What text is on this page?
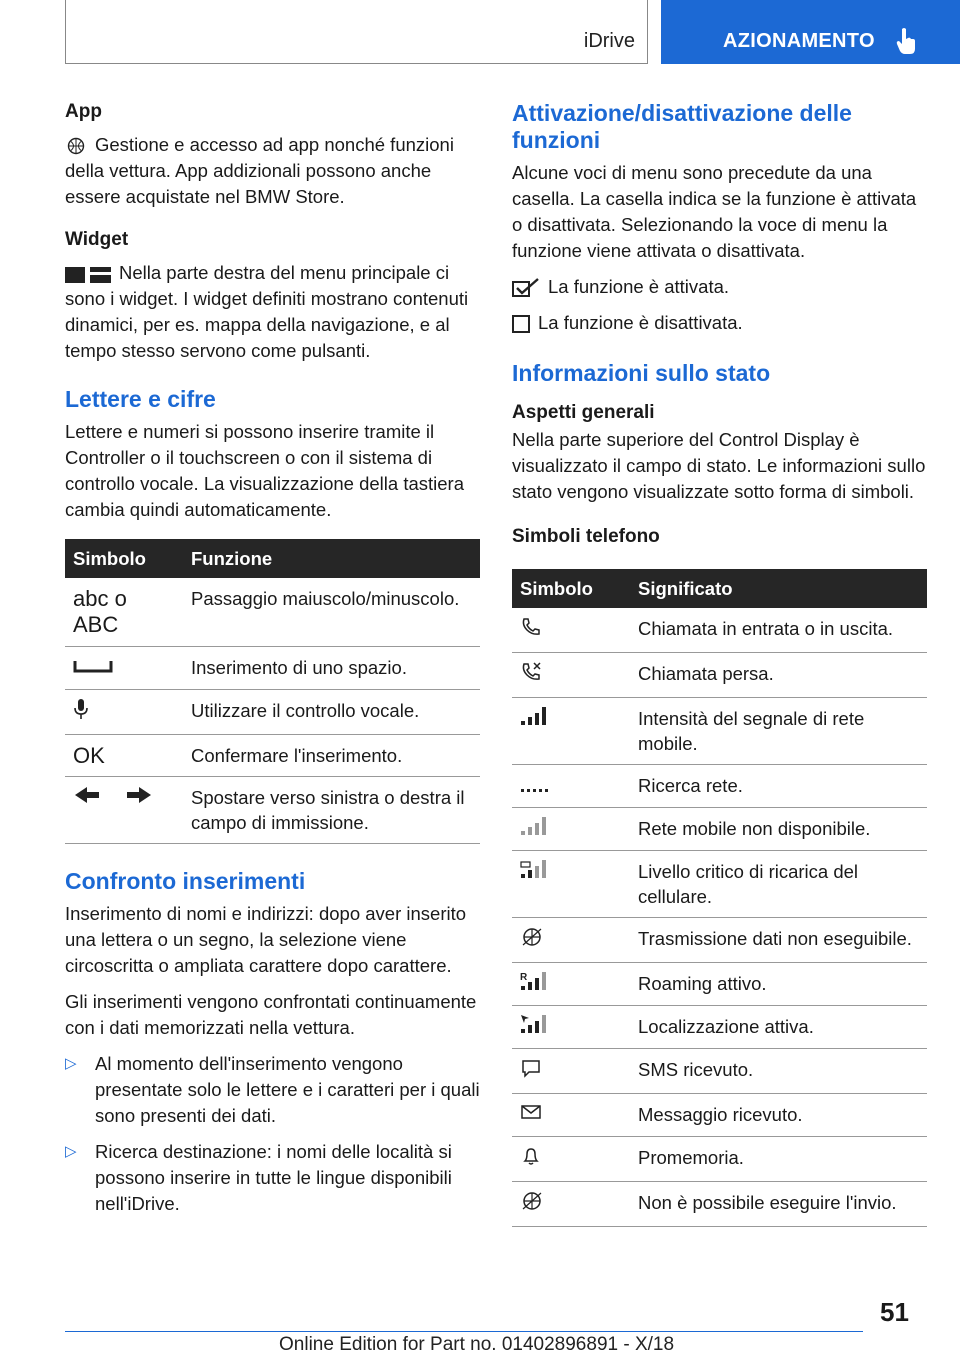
iDrive	AZIONAMENTO
App

Gestione e accesso ad app nonché funzioni della vettura. App addizionali possono anche essere acquistate nel BMW Store.

Widget

Nella parte destra del menu principale ci sono i widget. I widget definiti mostrano contenuti dinamici, per es. mappa della navigazione, e al tempo stesso servono come pulsanti.

Lettere e cifre

Lettere e numeri si possono inserire tramite il Controller o il touchscreen o con il sistema di controllo vocale. La visualizzazione della tastiera cambia quindi automaticamente.

Simbolo	Funzione
abc o ABC	Passaggio maiuscolo/minuscolo.
	Inserimento di uno spazio.
	Utilizzare il controllo vocale.
OK	Confermare l'inserimento.
	Spostare verso sinistra o destra il campo di immissione.
Confronto inserimenti

Inserimento di nomi e indirizzi: dopo aver inserito una lettera o un segno, la selezione viene circoscritta o ampliata carattere dopo carattere.

Gli inserimenti vengono confrontati continuamente con i dati memorizzati nella vettura.

▷ Al momento dell'inserimento vengono presentate solo le lettere e i caratteri per i quali sono presenti dei dati.
▷ Ricerca destinazione: i nomi delle località si possono inserire in tutte le lingue disponibili nell'iDrive.
Attivazione/disattivazione delle funzioni

Alcune voci di menu sono precedute da una casella. La casella indica se la funzione è attivata o disattivata. Selezionando la voce di menu la funzione viene attivata o disattivata.

La funzione è attivata.

La funzione è disattivata.

Informazioni sullo stato
Aspetti generali

Nella parte superiore del Control Display è visualizzato il campo di stato. Le informazioni sullo stato vengono visualizzate sotto forma di simboli.

Simboli telefono
Simbolo	Significato
	Chiamata in entrata o in uscita.
	Chiamata persa.
	Intensità del segnale di rete mobile.
	Ricerca rete.
	Rete mobile non disponibile.
	Livello critico di ricarica del cellulare.
	Trasmissione dati non eseguibile.

R	Roaming attivo.
	Localizzazione attiva.
	SMS ricevuto.
	Messaggio ricevuto.
	Promemoria.
	Non è possibile eseguire l'invio.
51
Online Edition for Part no. 01402896891 - X/18
